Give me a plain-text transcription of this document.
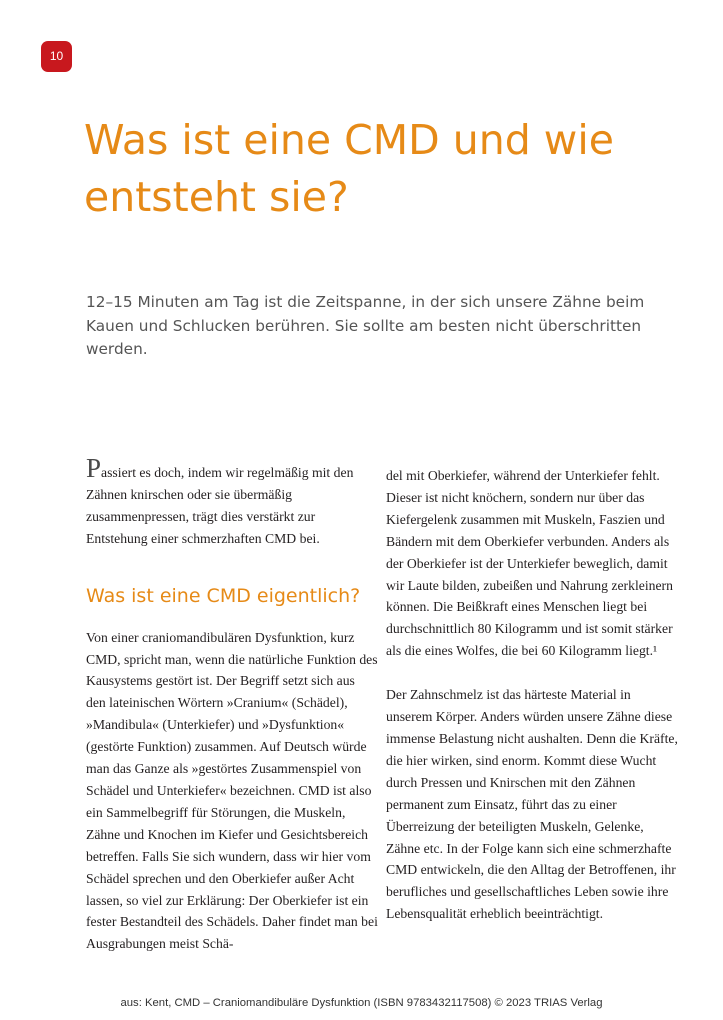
10
Was ist eine CMD und wie entsteht sie?

12–15 Minuten am Tag ist die Zeitspanne, in der sich unsere Zähne beim Kauen und Schlucken berühren. Sie sollte am besten nicht überschritten werden.

Passiert es doch, indem wir regelmäßig mit den Zähnen knirschen oder sie übermäßig zusammenpressen, trägt dies verstärkt zur Entstehung einer schmerzhaften CMD bei.

Was ist eine CMD eigentlich?

Von einer craniomandibulären Dysfunktion, kurz CMD, spricht man, wenn die natürliche Funktion des Kausystems gestört ist. Der Begriff setzt sich aus den lateinischen Wörtern »Cranium« (Schädel), »Mandibula« (Unterkiefer) und »Dysfunktion« (gestörte Funktion) zusammen. Auf Deutsch würde man das Ganze als »gestörtes Zusammenspiel von Schädel und Unterkiefer« bezeichnen. CMD ist also ein Sammelbegriff für Störungen, die Muskeln, Zähne und Knochen im Kiefer und Gesichtsbereich betreffen. Falls Sie sich wundern, dass wir hier vom Schädel sprechen und den Oberkiefer außer Acht lassen, so viel zur Erklärung: Der Oberkiefer ist ein fester Bestandteil des Schädels. Daher findet man bei Ausgrabungen meist Schä-

del mit Oberkiefer, während der Unterkiefer fehlt. Dieser ist nicht knöchern, sondern nur über das Kiefergelenk zusammen mit Muskeln, Faszien und Bändern mit dem Oberkiefer verbunden. Anders als der Oberkiefer ist der Unterkiefer beweglich, damit wir Laute bilden, zubeißen und Nahrung zerkleinern können. Die Beißkraft eines Menschen liegt bei durchschnittlich 80 Kilogramm und ist somit stärker als die eines Wolfes, die bei 60 Kilogramm liegt.¹

Der Zahnschmelz ist das härteste Material in unserem Körper. Anders würden unsere Zähne diese immense Belastung nicht aushalten. Denn die Kräfte, die hier wirken, sind enorm. Kommt diese Wucht durch Pressen und Knirschen mit den Zähnen permanent zum Einsatz, führt das zu einer Überreizung der beteiligten Muskeln, Gelenke, Zähne etc. In der Folge kann sich eine schmerzhafte CMD entwickeln, die den Alltag der Betroffenen, ihr berufliches und gesellschaftliches Leben sowie ihre Lebensqualität erheblich beeinträchtigt.

aus: Kent, CMD – Craniomandibuläre Dysfunktion (ISBN 9783432117508) © 2023 TRIAS Verlag
